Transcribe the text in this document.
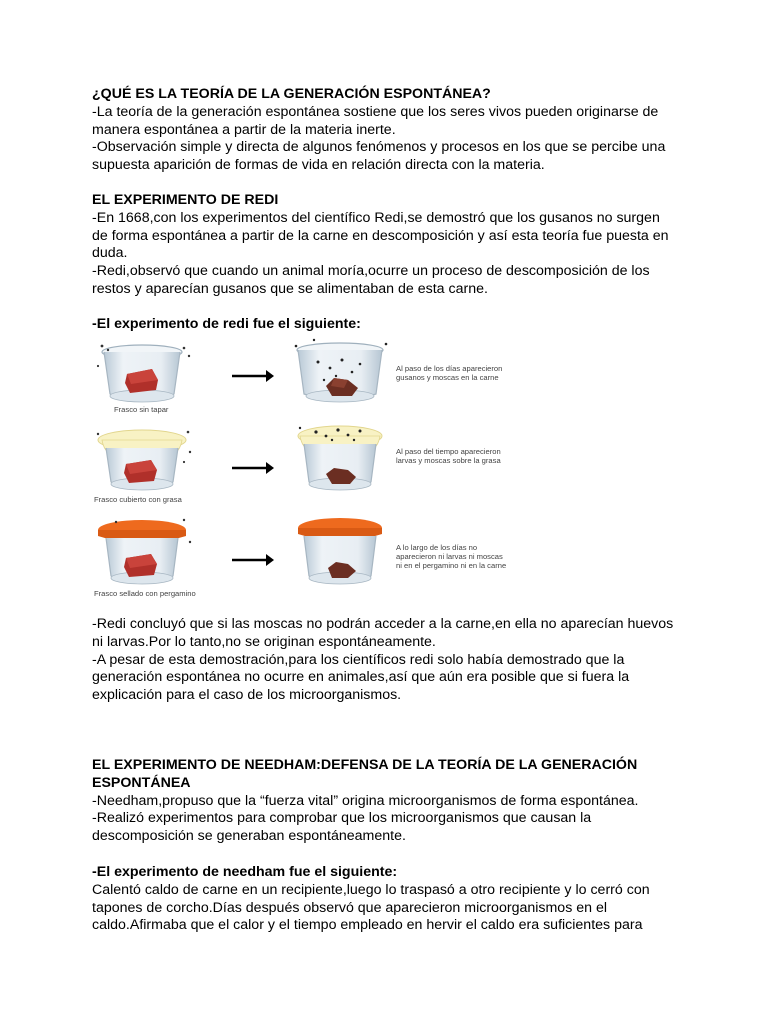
¿QUÉ ES LA TEORÍA DE LA GENERACIÓN ESPONTÁNEA?

-La teoría de la generación espontánea sostiene que los seres vivos pueden originarse de

manera espontánea a partir de la materia inerte.

-Observación simple y directa de algunos fenómenos y procesos en los que se percibe una

supuesta aparición de formas de vida en relación directa con la materia.

EL EXPERIMENTO DE REDI

-En 1668,con los experimentos del científico Redi,se demostró que los gusanos no surgen

de forma espontánea a partir de la carne en descomposición y así esta teoría fue puesta en

duda.

-Redi,observó que cuando un animal moría,ocurre un proceso de descomposición de los

restos y aparecían gusanos que se alimentaban de esta carne.

-El experimento de redi fue el siguiente:

Frasco sin tapar
Al paso de los días aparecieron
gusanos y moscas en la carne
Frasco cubierto con grasa
Al paso del tiempo aparecieron
larvas y moscas sobre la grasa
Frasco sellado con pergamino
A lo largo de los días no
aparecieron ni larvas ni moscas
ni en el pergamino ni en la carne

-Redi concluyó que si las moscas no podrán acceder a la carne,en ella no aparecían huevos

ni larvas.Por lo tanto,no se originan espontáneamente.

-A pesar de esta demostración,para los científicos redi solo había demostrado que la

generación espontánea no ocurre en animales,así que aún era posible que si fuera la

explicación para el caso de los microorganismos.

EL EXPERIMENTO DE NEEDHAM:DEFENSA DE LA TEORÍA DE LA GENERACIÓN

ESPONTÁNEA

-Needham,propuso que la “fuerza vital” origina microorganismos de forma espontánea.

-Realizó experimentos para comprobar que los microorganismos que causan la

descomposición se generaban espontáneamente.

-El experimento de needham fue el siguiente:

Calentó caldo de carne en un recipiente,luego lo traspasó a otro recipiente y lo cerró con

tapones de corcho.Días después observó que aparecieron microorganismos en el

caldo.Afirmaba que el calor y el tiempo empleado en hervir el caldo era suficientes para
